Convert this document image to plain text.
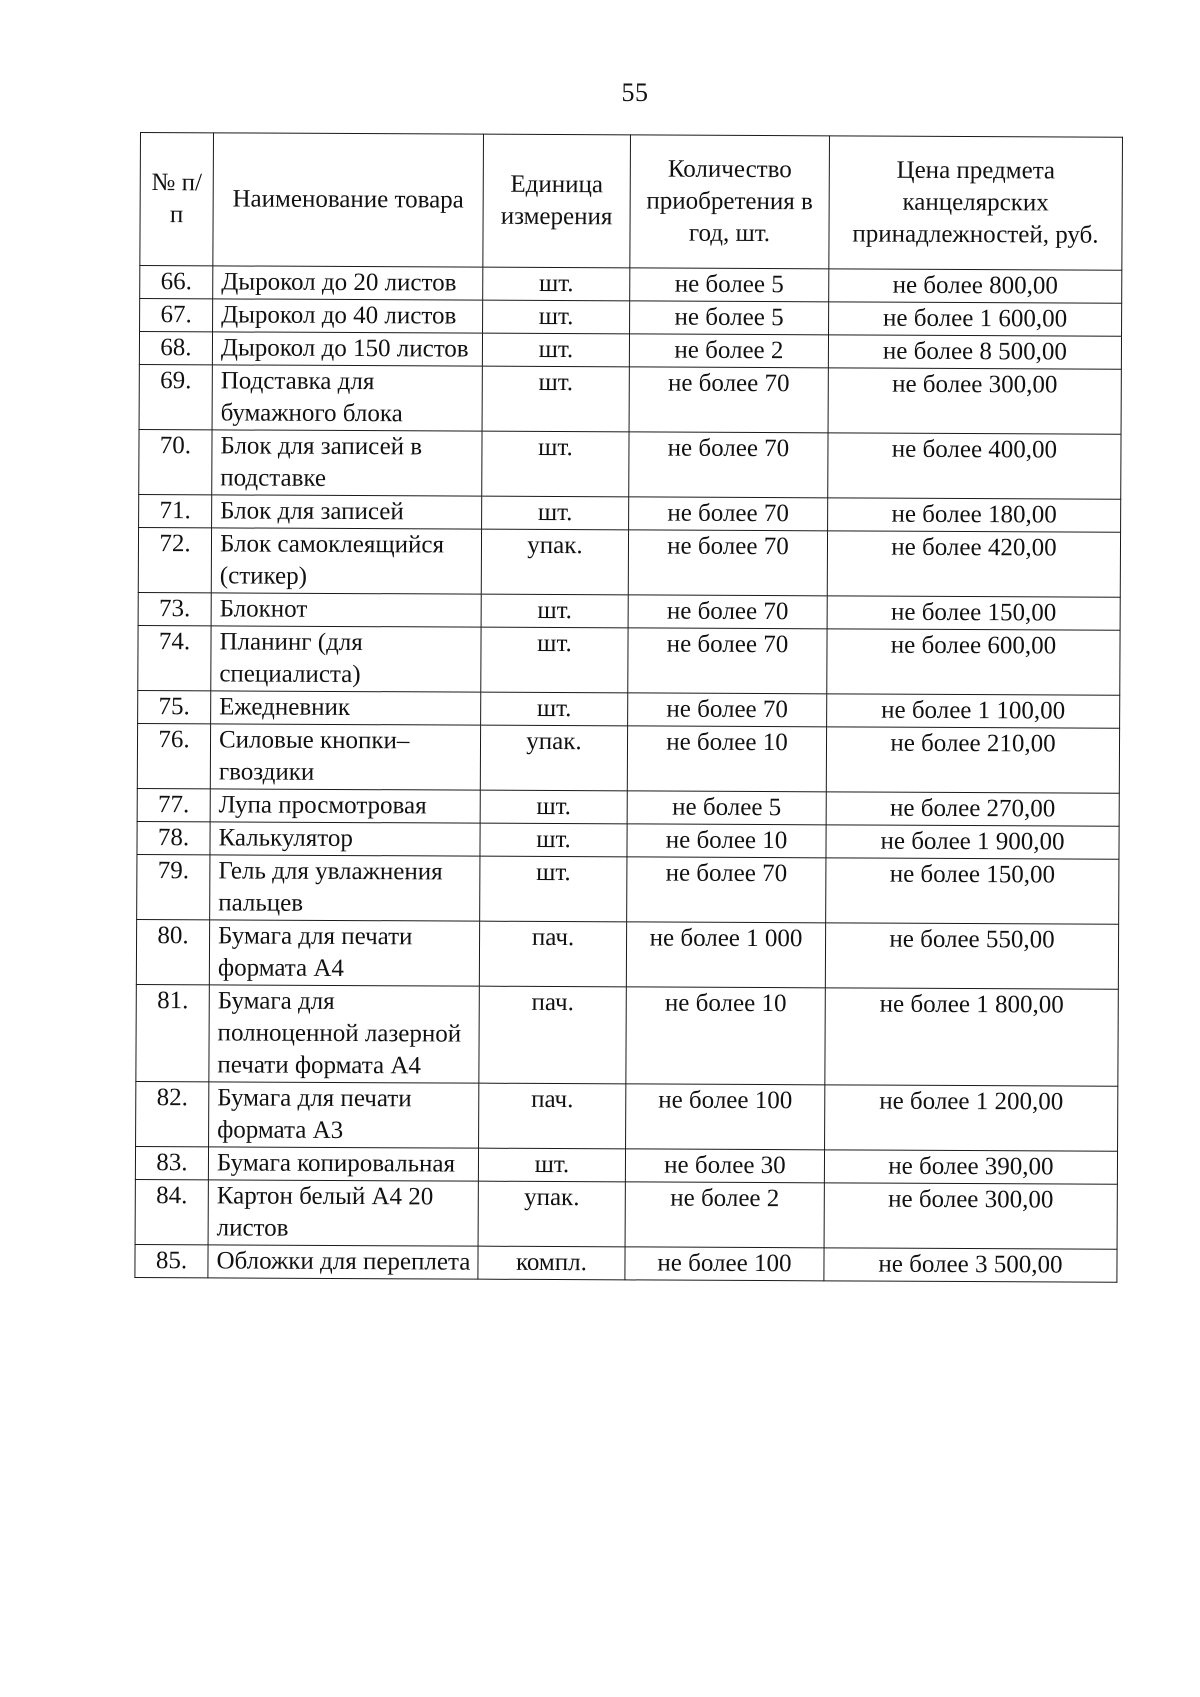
55
№ п/п	Наименование товара	Единица измерения	Количество приобретения в год, шт.	Цена предмета канцелярских принадлежностей, руб.
66.	Дырокол до 20 листов	шт.	не более 5	не более 800,00
67.	Дырокол до 40 листов	шт.	не более 5	не более 1 600,00
68.	Дырокол до 150 листов	шт.	не более 2	не более 8 500,00
69.	Подставка для бумажного блока	шт.	не более 70	не более 300,00
70.	Блок для записей в подставке	шт.	не более 70	не более 400,00
71.	Блок для записей	шт.	не более 70	не более 180,00
72.	Блок самоклеящийся (стикер)	упак.	не более 70	не более 420,00
73.	Блокнот	шт.	не более 70	не более 150,00
74.	Планинг (для специалиста)	шт.	не более 70	не более 600,00
75.	Ежедневник	шт.	не более 70	не более 1 100,00
76.	Силовые кнопки– гвоздики	упак.	не более 10	не более 210,00
77.	Лупа просмотровая	шт.	не более 5	не более 270,00
78.	Калькулятор	шт.	не более 10	не более 1 900,00
79.	Гель для увлажнения пальцев	шт.	не более 70	не более 150,00
80.	Бумага для печати формата А4	пач.	не более 1 000	не более 550,00
81.	Бумага для полноценной лазерной печати формата А4	пач.	не более 10	не более 1 800,00
82.	Бумага для печати формата А3	пач.	не более 100	не более 1 200,00
83.	Бумага копировальная	шт.	не более 30	не более 390,00
84.	Картон белый А4 20 листов	упак.	не более 2	не более 300,00
85.	Обложки для переплета	компл.	не более 100	не более 3 500,00
